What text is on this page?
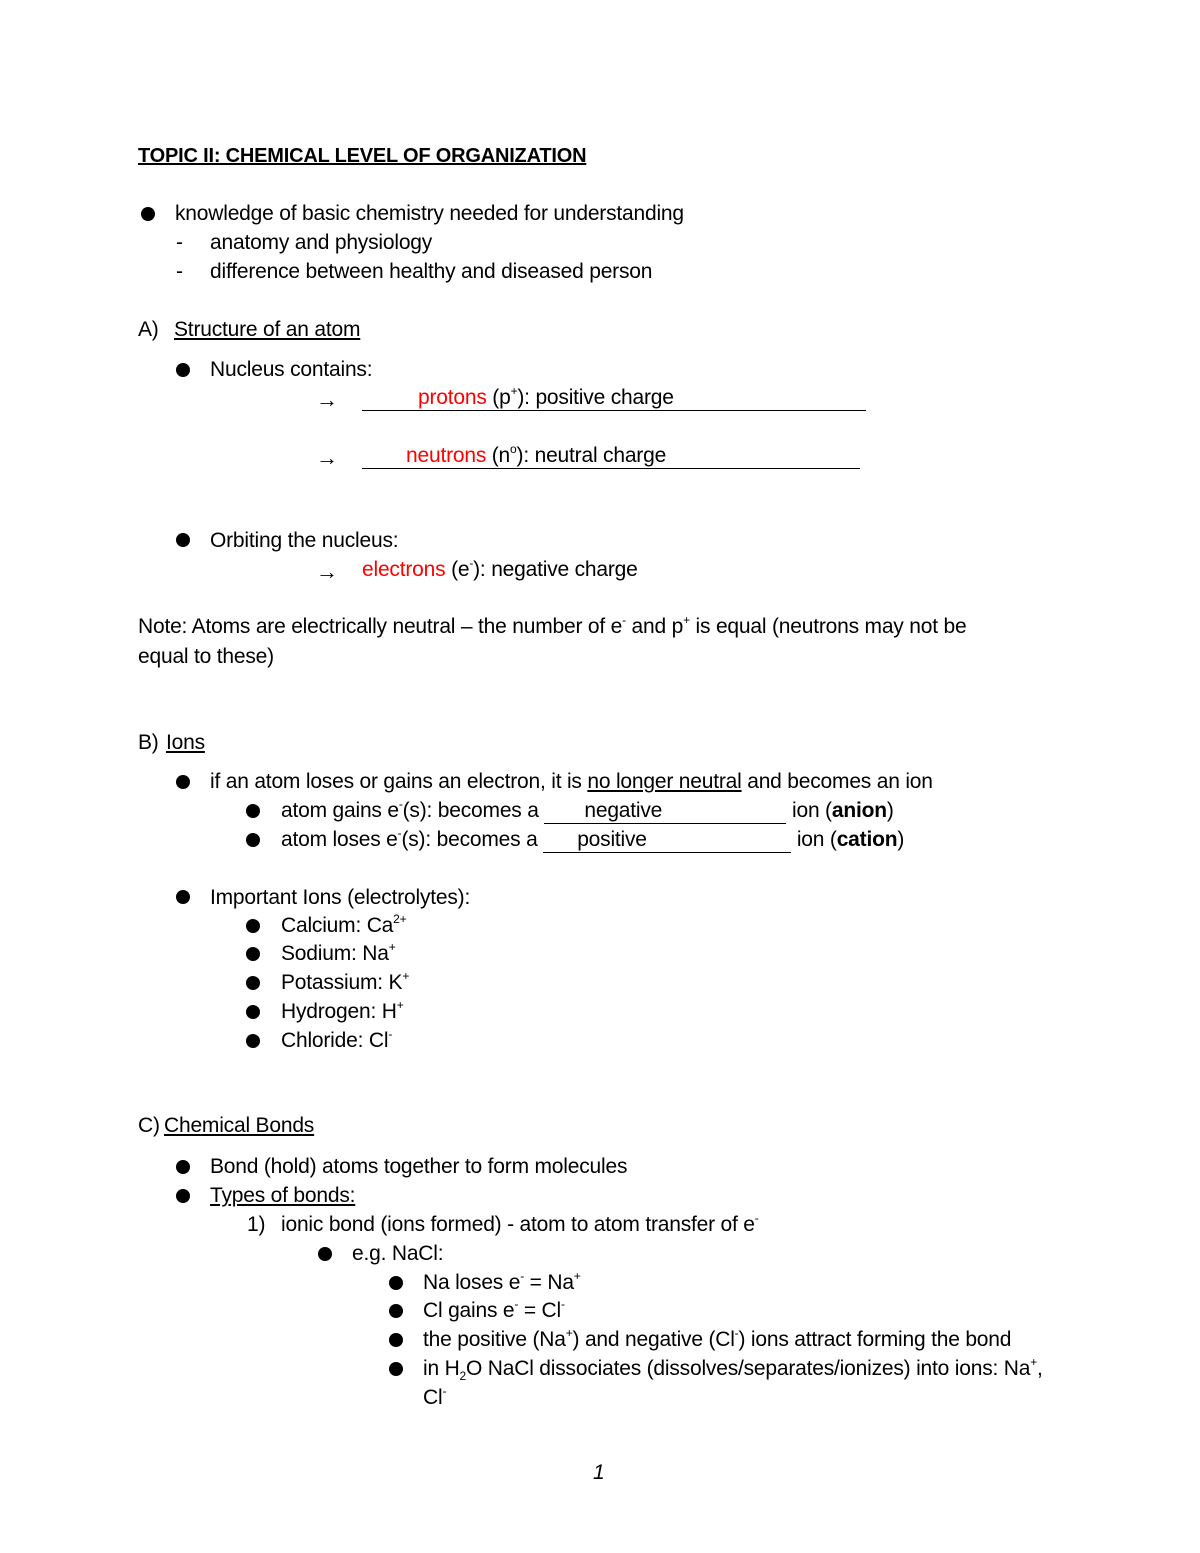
TOPIC II: CHEMICAL LEVEL OF ORGANIZATION
knowledge of basic chemistry needed for understanding
- anatomy and physiology
- difference between healthy and diseased person
A) Structure of an atom
Nucleus contains:
→	protons (p+): positive charge
→	neutrons $(n^o)$: neutral charge
Orbiting the nucleus:
→ electrons (e-): negative charge
Note: Atoms are electrically neutral – the number of e- and p+ is equal (neutrons may not be
equal to these)
B) Ions
if an atom loses or gains an electron, it is no longer neutral and becomes an ion
atom gains e-(s): becomes a negative	ion (anion)
atom loses e-(s): becomes a positive	ion (cation)
Important Ions (electrolytes):
Calcium: $Ca^{2+}$
Sodium: Na+
Potassium: K+
Hydrogen: H+
Chloride: Cl-
C) Chemical Bonds
Bond (hold) atoms together to form molecules
Types of bonds:
1) ionic bond (ions formed) - atom to atom transfer of e-
e.g. NaCl:
Na loses e- = Na+
Cl gains e- = Cl-
the positive (Na+) and negative (Cl-) ions attract forming the bond
in $H_2O$ NaCl dissociates (dissolves/separates/ionizes) into ions: Na+,
Cl-
1
